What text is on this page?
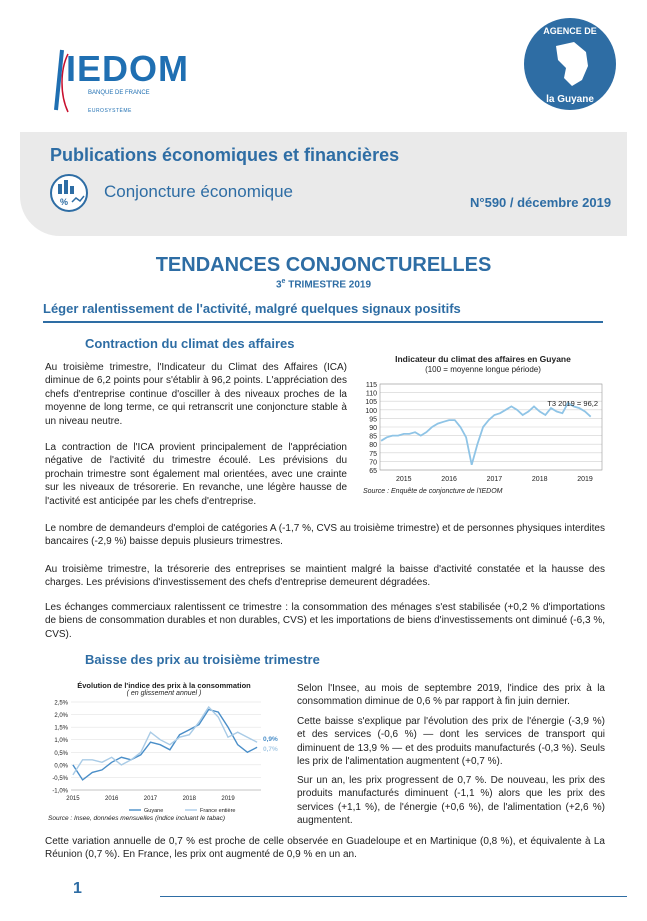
IEDOM
BANQUE DE FRANCE
EUROSYSTÈME
AGENCE DE
la Guyane
Publications économiques et financières
%
Conjoncture économique
N°590 / décembre 2019
TENDANCES CONJONCTURELLES
3e TRIMESTRE 2019
Léger ralentissement de l'activité, malgré quelques signaux positifs
Contraction du climat des affaires
Au troisième trimestre, l'Indicateur du Climat des Affaires (ICA) diminue de 6,2 points pour s'établir à 96,2 points. L'appréciation des chefs d'entreprise continue d'osciller à des niveaux proches de la moyenne de long terme, ce qui retranscrit une conjoncture stable à un niveau neutre.
La contraction de l'ICA provient principalement de l'appréciation négative de l'activité du trimestre écoulé. Les prévisions du prochain trimestre sont également mal orientées, avec une crainte sur les niveaux de trésorerie. En revanche, une légère hausse de l'activité est anticipée par les chefs d'entreprise.
Indicateur du climat des affaires en Guyane
(100 = moyenne longue période)
115
110
105
100
95
90
85
80
75
70
65
2015	2016	2017	2018	2019
T3 2019 = 96,2
Source : Enquête de conjoncture de l'IEDOM
Le nombre de demandeurs d'emploi de catégories A (-1,7 %, CVS au troisième trimestre) et de personnes physiques interdites bancaires (-2,9 %) baisse depuis plusieurs trimestres.
Au troisième trimestre, la trésorerie des entreprises se maintient malgré la baisse d'activité constatée et la hausse des charges. Les prévisions d'investissement des chefs d'entreprise demeurent dégradées.
Les échanges commerciaux ralentissent ce trimestre : la consommation des ménages s'est stabilisée (+0,2 % d'importations de biens de consommation durables et non durables, CVS) et les importations de biens d'investissements ont diminué (-6,3 %, CVS).
Baisse des prix au troisième trimestre
Évolution de l'indice des prix à la consommation
( en glissement annuel )
2,5%
2,0%
1,5%
1,0%
0,5%
0,0%
-0,5%
-1,0%
2015	2016	2017	2018	2019
Guyane	France entière
0,9%
0,7%
Source : Insee, données mensuelles (indice incluant le tabac)
Selon l'Insee, au mois de septembre 2019, l'indice des prix à la consommation diminue de 0,6 % par rapport à fin juin dernier.
Cette baisse s'explique par l'évolution des prix de l'énergie (-3,9 %) et des services (-0,6 %) — dont les services de transport qui diminuent de 13,9 % — et des produits manufacturés (-0,3 %). Seuls les prix de l'alimentation augmentent (+0,7 %).
Sur un an, les prix progressent de 0,7 %. De nouveau, les prix des produits manufacturés diminuent (-1,1 %) alors que les prix des services (+1,1 %), de l'énergie (+0,6 %), de l'alimentation (+2,6 %) augmentent.
Cette variation annuelle de 0,7 % est proche de celle observée en Guadeloupe et en Martinique (0,8 %), et équivalente à La Réunion (0,7 %). En France, les prix ont augmenté de 0,9 % en un an.
1
